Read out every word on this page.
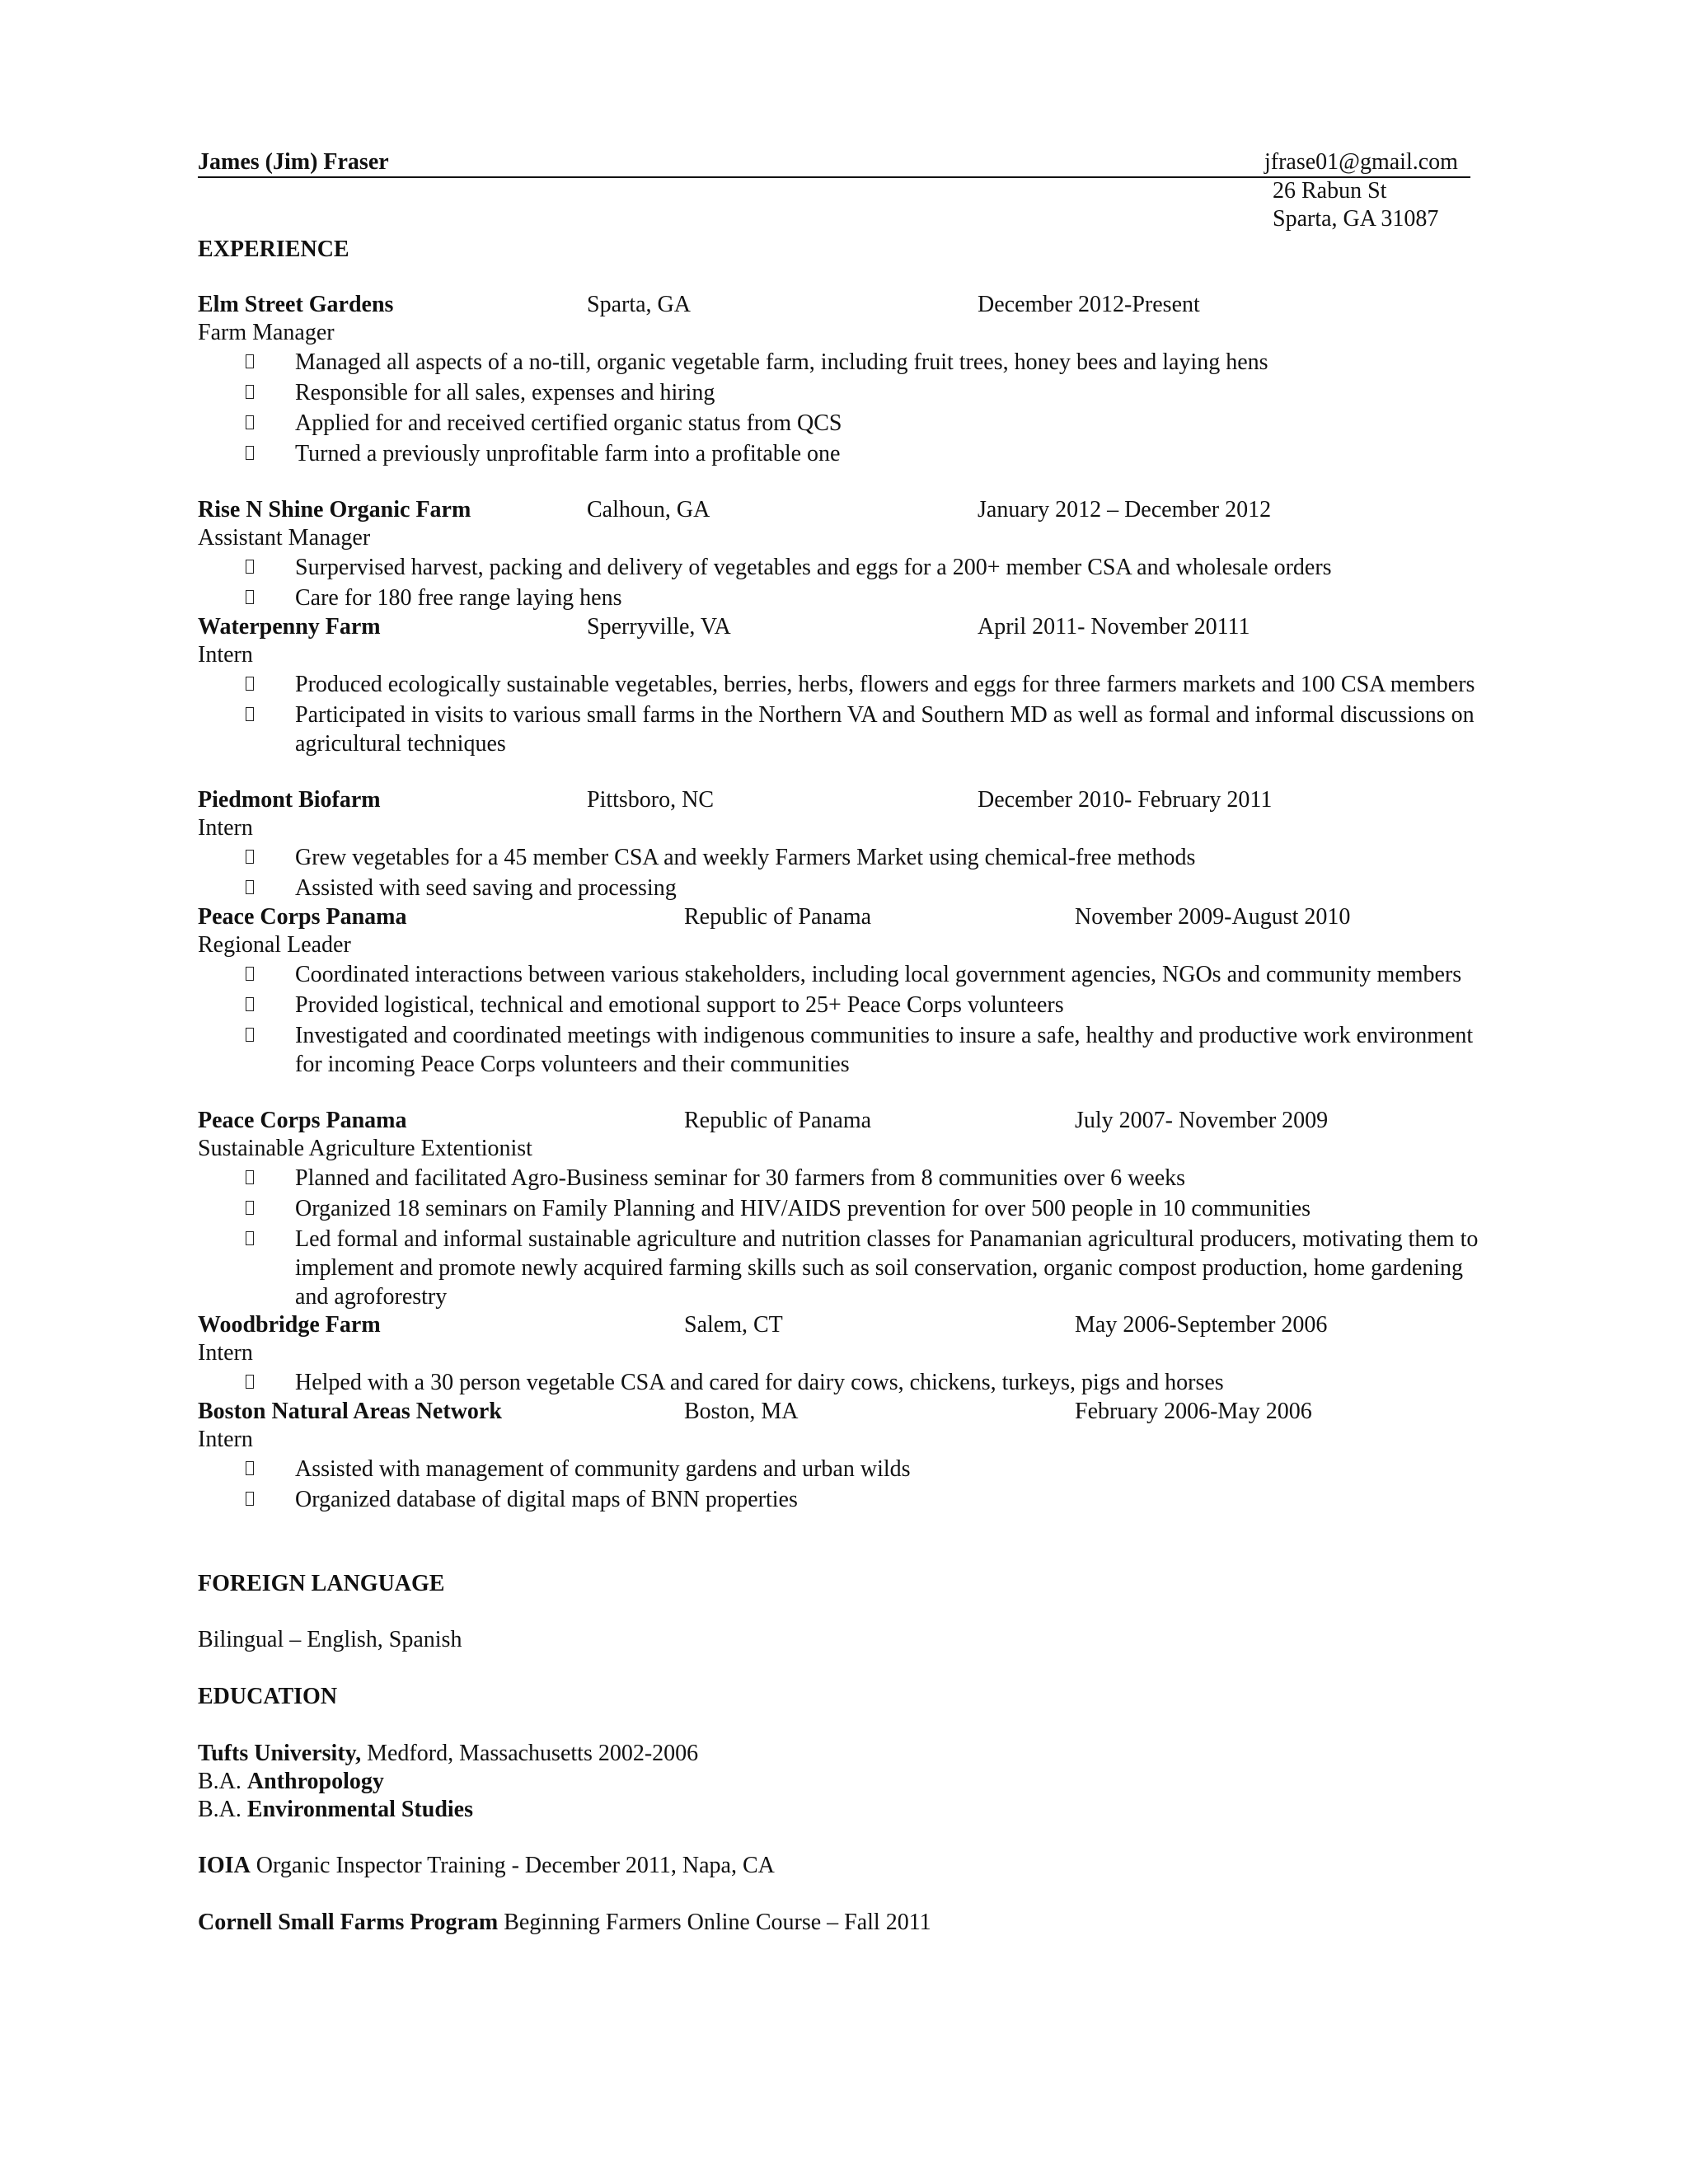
James (Jim) Fraser	jfrase01@gmail.com
26 Rabun St
Sparta, GA 31087
EXPERIENCE
Elm Street Gardens	Sparta, GA	December 2012-Present
Farm Manager
Managed all aspects of a no-till, organic vegetable farm, including fruit trees, honey bees and laying hens
Responsible for all sales, expenses and hiring
Applied for and received certified organic status from QCS
Turned a previously unprofitable farm into a profitable one
Rise N Shine Organic Farm	Calhoun, GA	January 2012 – December 2012
Assistant Manager
Surpervised harvest, packing and delivery of vegetables and eggs for a 200+ member CSA and wholesale orders
Care for 180 free range laying hens
Waterpenny Farm	Sperryville, VA	April 2011- November 20111
Intern
Produced ecologically sustainable vegetables, berries, herbs, flowers and eggs for three farmers markets and 100 CSA members
Participated in visits to various small farms in the Northern VA and Southern MD as well as formal and informal discussions on agricultural techniques
Piedmont Biofarm	Pittsboro, NC	December 2010- February 2011
Intern
Grew vegetables for a 45 member CSA and weekly Farmers Market using chemical-free methods
Assisted with seed saving and processing
Peace Corps Panama	Republic of Panama	November 2009-August 2010
Regional Leader
Coordinated interactions between various stakeholders, including local government agencies, NGOs and community members
Provided logistical, technical and emotional support to 25+ Peace Corps volunteers
Investigated and coordinated meetings with indigenous communities to insure a safe, healthy and productive work environment for incoming Peace Corps volunteers and their communities
Peace Corps Panama	Republic of Panama	July 2007- November 2009
Sustainable Agriculture Extentionist
Planned and facilitated Agro-Business seminar for 30 farmers from 8 communities over 6 weeks
Organized 18 seminars on Family Planning and HIV/AIDS prevention for over 500 people in 10 communities
Led formal and informal sustainable agriculture and nutrition classes for Panamanian agricultural producers, motivating them to implement and promote newly acquired farming skills such as soil conservation, organic compost production, home gardening and agroforestry
Woodbridge Farm	Salem, CT	May 2006-September 2006
Intern
Helped with a 30 person vegetable CSA and cared for dairy cows, chickens, turkeys, pigs and horses
Boston Natural Areas Network	Boston, MA	February 2006-May 2006
Intern
Assisted with management of community gardens and urban wilds
Organized database of digital maps of BNN properties
FOREIGN LANGUAGE
Bilingual – English, Spanish
EDUCATION
Tufts University, Medford, Massachusetts 2002-2006
B.A. Anthropology
B.A. Environmental Studies
IOIA Organic Inspector Training - December 2011, Napa, CA
Cornell Small Farms Program Beginning Farmers Online Course – Fall 2011
